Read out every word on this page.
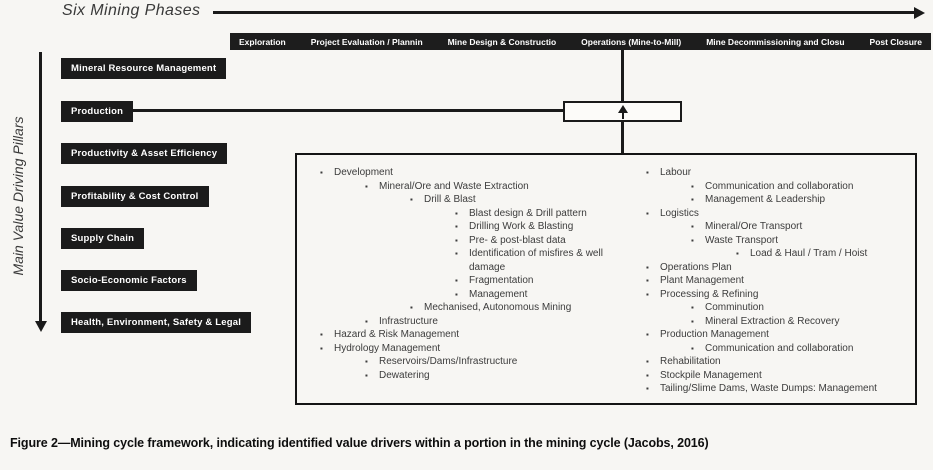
Six Mining Phases
Exploration	Project Evaluation / Plannin	Mine Design & Constructio	Operations (Mine-to-Mill)	Mine Decommissioning and Closu	Post Closure
Main Value Driving Pillars
Mineral Resource Management
Production
Productivity & Asset Efficiency
Profitability & Cost Control
Supply Chain
Socio-Economic Factors
Health, Environment, Safety & Legal
▪ Development
▪ Mineral/Ore and Waste Extraction
▪ Drill & Blast
▪ Blast design & Drill pattern
▪ Drilling Work & Blasting
▪ Pre- & post-blast data
▪ Identification of misfires & well damage
▪ Fragmentation
▪ Management
▪ Mechanised, Autonomous Mining
▪ Infrastructure
▪ Hazard & Risk Management
▪ Hydrology Management
▪ Reservoirs/Dams/Infrastructure
▪ Dewatering
▪ Labour
▪ Communication and collaboration
▪ Management & Leadership
▪ Logistics
▪ Mineral/Ore Transport
▪ Waste Transport
▪ Load & Haul / Tram / Hoist
▪ Operations Plan
▪ Plant Management
▪ Processing & Refining
▪ Comminution
▪ Mineral Extraction & Recovery
▪ Production Management
▪ Communication and collaboration
▪ Rehabilitation
▪ Stockpile Management
▪ Tailing/Slime Dams, Waste Dumps: Management
Figure 2—Mining cycle framework, indicating identified value drivers within a portion in the mining cycle (Jacobs, 2016)
